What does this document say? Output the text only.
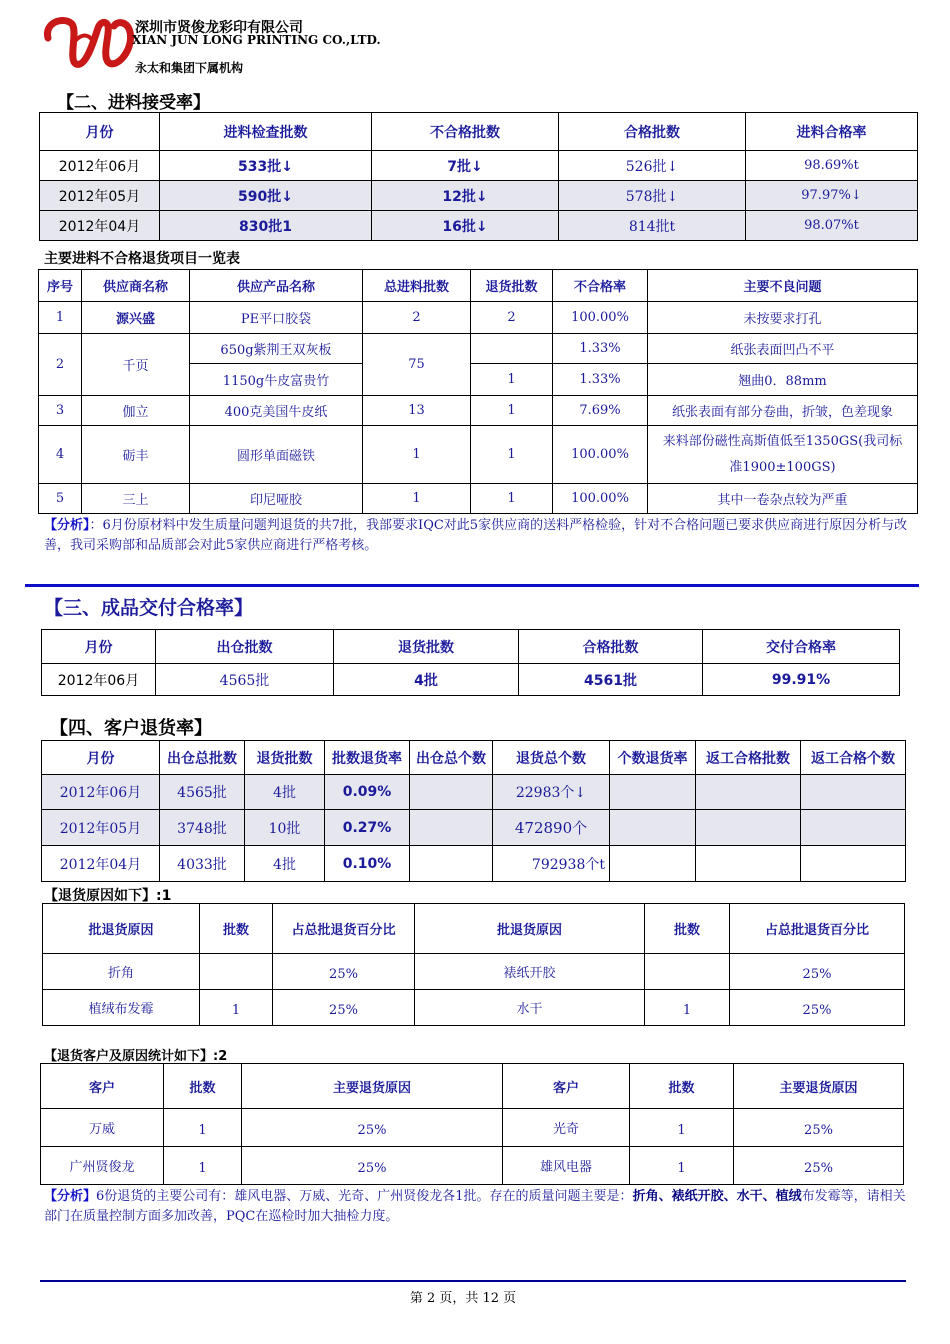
深圳市贤俊龙彩印有限公司
XIAN JUN LONG PRINTING CO.,LTD.
永太和集团下属机构
【二、进料接受率】
月份	进料检查批数	不合格批数	合格批数	进料合格率
2012年06月	533批↓	7批↓	526批↓	98.69%t
2012年05月	590批↓	12批↓	578批↓	97.97%↓
2012年04月	830批1	16批↓	814批t	98.07%t
主要进料不合格退货项目一览表
序号	供应商名称	供应产品名称	总进料批数	退货批数	不合格率	主要不良问题
1	源兴盛	PE平口胶袋	2	2	100.00%	未按要求打孔
2	千页	650g紫荆王双灰板	75		1.33%	纸张表面凹凸不平
		1150g牛皮富贵竹		1	1.33%	翘曲0．88mm
3	伽立	400克美国牛皮纸	13	1	7.69%	纸张表面有部分卷曲，折皱，色差现象
4	砺丰	圆形单面磁铁	1	1	100.00%	来料部份磁性高斯值低至1350GS(我司标
准1900±100GS)

5	三上	印尼哑胶	1	1	100.00%	其中一卷杂点较为严重
【分析】：6月份原材料中发生质量问题判退货的共7批，我部要求IQC对此5家供应商的送料严格检验，针对不合格问题已要求供应商进行原因分析与改善，我司采购部和品质部会对此5家供应商进行严格考核。
【三、成品交付合格率】
月份	出仓批数	退货批数	合格批数	交付合格率
2012年06月	4565批	4批	4561批	99.91%
【四、客户退货率】
月份	出仓总批数	退货批数	批数退货率	出仓总个数	退货总个数	个数退货率	返工合格批数	返工合格个数
2012年06月	4565批	4批	0.09%		22983个↓			
2012年05月	3748批	10批	0.27%		472890个			
2012年04月	4033批	4批	0.10%		792938个t			
【退货原因如下】:1
批退货原因	批数	占总批退货百分比	批退货原因	批数	占总批退货百分比
折角		25%	裱纸开胶		25%
植绒布发霉	1	25%	水干	1	25%
【退货客户及原因统计如下】:2
客户	批数	主要退货原因	客户	批数	主要退货原因
万威	1	25%	光奇	1	25%
广州贤俊龙	1	25%	雄风电器	1	25%
【分析】6份退货的主要公司有：雄风电器、万威、光奇、广州贤俊龙各1批。存在的质量问题主要是：折角、裱纸开胶、水干、植绒布发霉等，请相关部门在质量控制方面多加改善，PQC在巡检时加大抽检力度。
第 2 页，共 12 页
